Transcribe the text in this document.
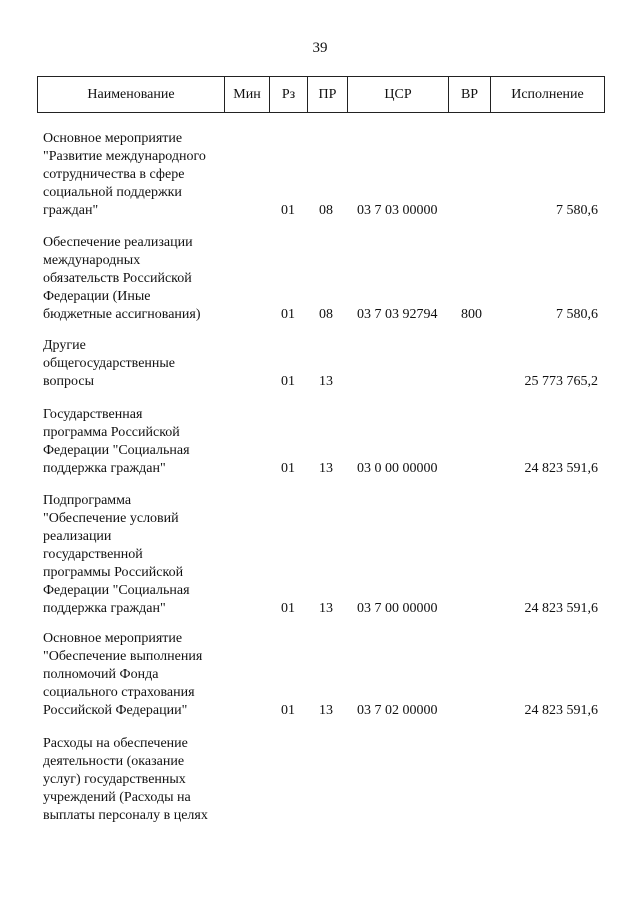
39
Наименование	Мин	Рз	ПР	ЦСР	ВР	Исполнение
Основное мероприятие
"Развитие международного
сотрудничества в сфере
социальной поддержки
граждан"	01 08 03 7 03 00000	7 580,6
Обеспечение реализации
международных
обязательств Российской
Федерации (Иные
бюджетные ассигнования)	01 08 03 7 03 92794 800	7 580,6
Другие
общегосударственные
вопросы	01 13	25 773 765,2
Государственная
программа Российской
Федерации "Социальная
поддержка граждан"	01 13 03 0 00 00000	24 823 591,6
Подпрограмма
"Обеспечение условий
реализации
государственной
программы Российской
Федерации "Социальная
поддержка граждан"	01 13 03 7 00 00000	24 823 591,6
Основное мероприятие
"Обеспечение выполнения
полномочий Фонда
социального страхования
Российской Федерации"	01 13 03 7 02 00000	24 823 591,6
Расходы на обеспечение
деятельности (оказание
услуг) государственных
учреждений (Расходы на
выплаты персоналу в целях
